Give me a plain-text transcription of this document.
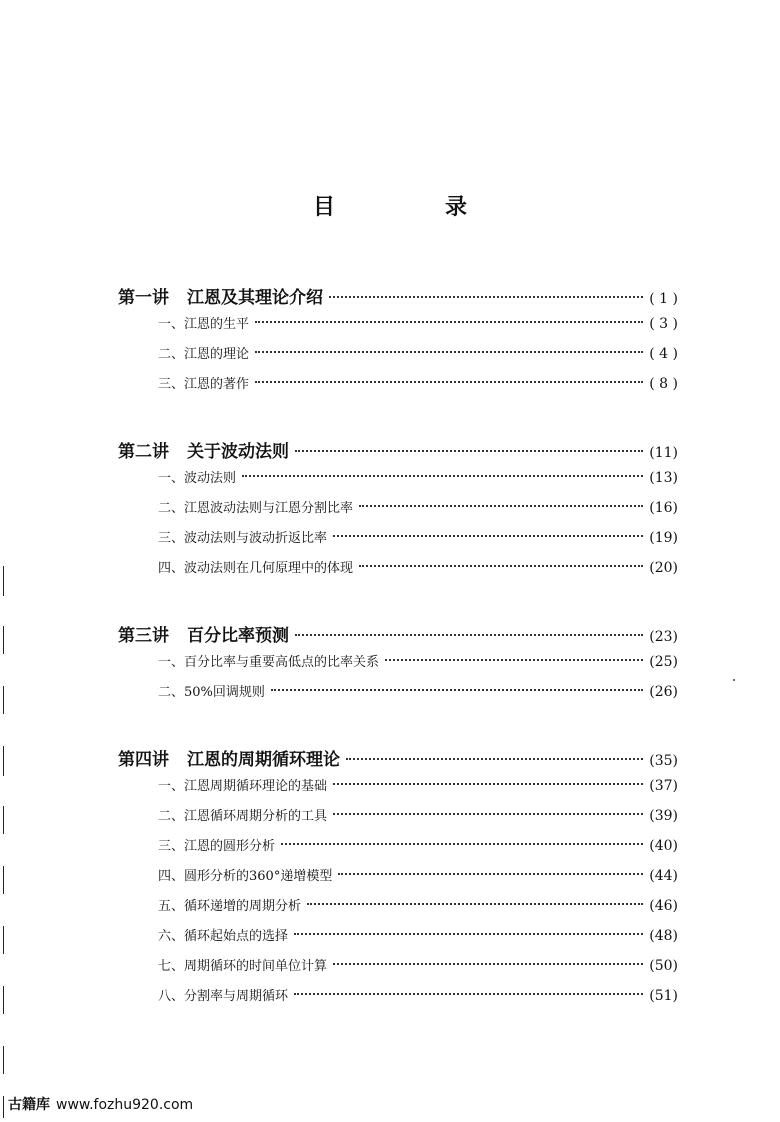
目　录
第一讲 江恩及其理论介绍	( 1 )
一、江恩的生平	( 3 )
二、江恩的理论	( 4 )
三、江恩的著作	( 8 )
第二讲 关于波动法则	(11)
一、波动法则	(13)
二、江恩波动法则与江恩分割比率	(16)
三、波动法则与波动折返比率	(19)
四、波动法则在几何原理中的体现	(20)
第三讲 百分比率预测	(23)
一、百分比率与重要高低点的比率关系	(25)
二、50%回调规则	(26)
第四讲 江恩的周期循环理论	(35)
一、江恩周期循环理论的基础	(37)
二、江恩循环周期分析的工具	(39)
三、江恩的圆形分析	(40)
四、圆形分析的360°递增模型	(44)
五、循环递增的周期分析	(46)
六、循环起始点的选择	(48)
七、周期循环的时间单位计算	(50)
八、分割率与周期循环	(51)
古籍库 www.fozhu920.com
